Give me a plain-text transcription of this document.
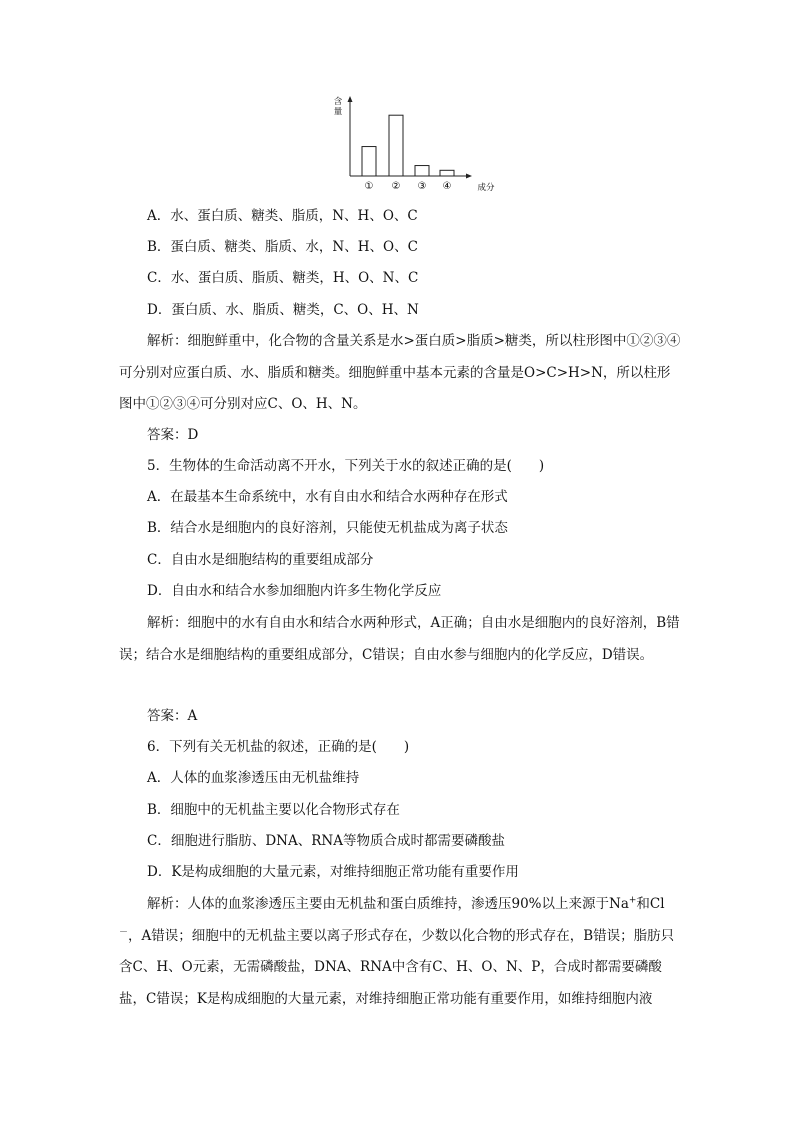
含量
成分
① ② ③ ④
A．水、蛋白质、糖类、脂质，N、H、O、C
B．蛋白质、糖类、脂质、水，N、H、O、C
C．水、蛋白质、脂质、糖类，H、O、N、C
D．蛋白质、水、脂质、糖类，C、O、H、N
解析：细胞鲜重中，化合物的含量关系是水>蛋白质>脂质>糖类，所以柱形图中①②③④可分别对应蛋白质、水、脂质和糖类。细胞鲜重中基本元素的含量是O>C>H>N，所以柱形图中①②③④可分别对应C、O、H、N。
答案：D
5．生物体的生命活动离不开水，下列关于水的叙述正确的是(　　)
A．在最基本生命系统中，水有自由水和结合水两种存在形式
B．结合水是细胞内的良好溶剂，只能使无机盐成为离子状态
C．自由水是细胞结构的重要组成部分
D．自由水和结合水参加细胞内许多生物化学反应
解析：细胞中的水有自由水和结合水两种形式，A正确；自由水是细胞内的良好溶剂，B错误；结合水是细胞结构的重要组成部分，C错误；自由水参与细胞内的化学反应，D错误。
答案：A
6．下列有关无机盐的叙述，正确的是(　　)
A．人体的血浆渗透压由无机盐维持
B．细胞中的无机盐主要以化合物形式存在
C．细胞进行脂肪、DNA、RNA等物质合成时都需要磷酸盐
D．K是构成细胞的大量元素，对维持细胞正常功能有重要作用
解析：人体的血浆渗透压主要由无机盐和蛋白质维持，渗透压90%以上来源于Na+和Cl－，A错误；细胞中的无机盐主要以离子形式存在，少数以化合物的形式存在，B错误；脂肪只含C、H、O元素，无需磷酸盐，DNA、RNA中含有C、H、O、N、P，合成时都需要磷酸盐，C错误；K是构成细胞的大量元素，对维持细胞正常功能有重要作用，如维持细胞内液
